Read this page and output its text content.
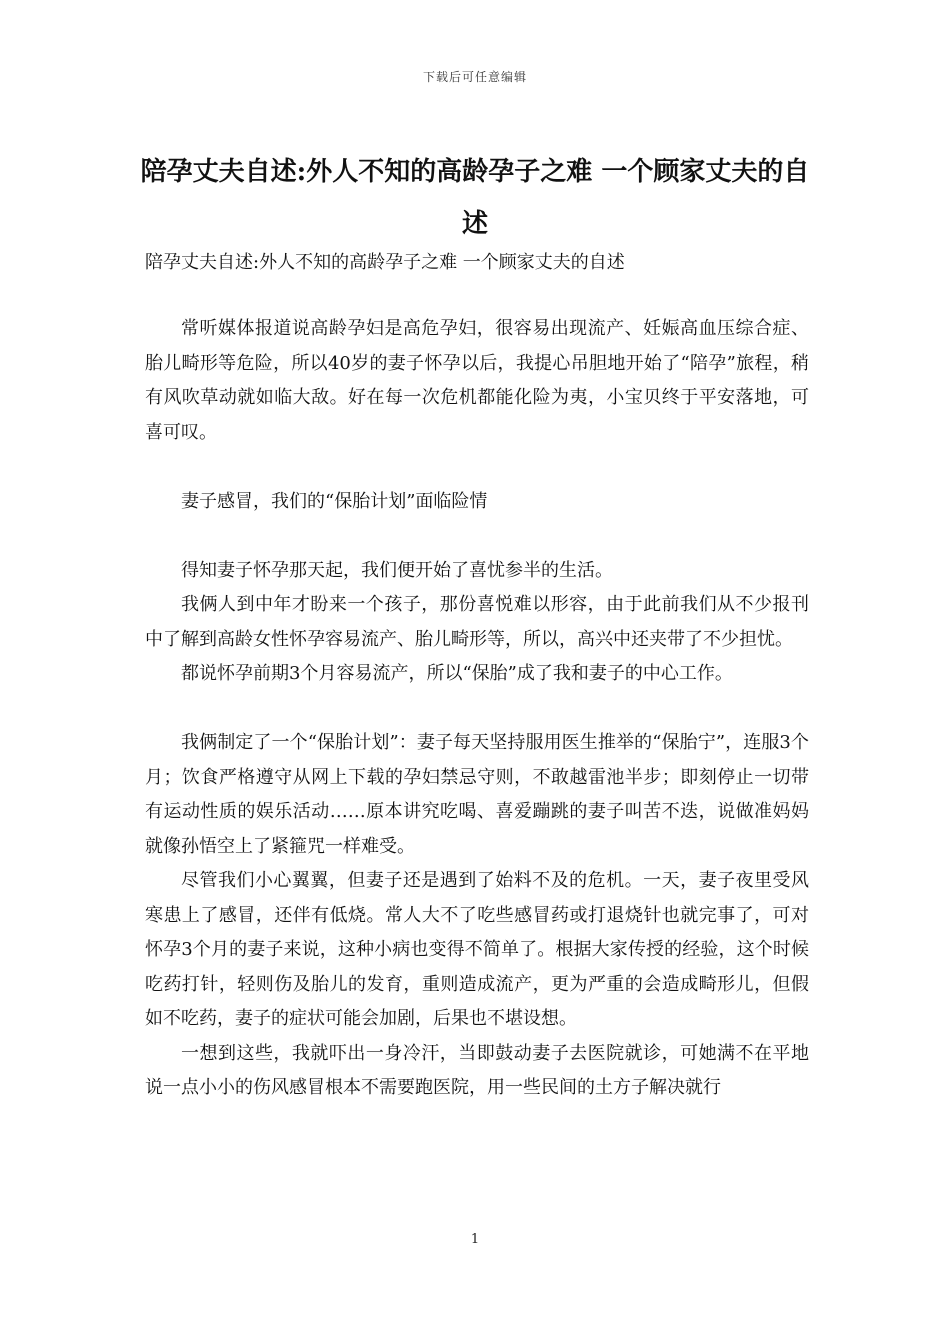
下载后可任意编辑
陪孕丈夫自述:外人不知的高龄孕子之难 一个顾家丈夫的自述

陪孕丈夫自述:外人不知的高龄孕子之难 一个顾家丈夫的自述

常听媒体报道说高龄孕妇是高危孕妇，很容易出现流产、妊娠高血压综合症、胎儿畸形等危险，所以40岁的妻子怀孕以后，我提心吊胆地开始了“陪孕”旅程，稍有风吹草动就如临大敌。好在每一次危机都能化险为夷，小宝贝终于平安落地，可喜可叹。

妻子感冒，我们的“保胎计划”面临险情

得知妻子怀孕那天起，我们便开始了喜忧参半的生活。

我俩人到中年才盼来一个孩子，那份喜悦难以形容，由于此前我们从不少报刊中了解到高龄女性怀孕容易流产、胎儿畸形等，所以，高兴中还夹带了不少担忧。

都说怀孕前期3个月容易流产，所以“保胎”成了我和妻子的中心工作。

我俩制定了一个“保胎计划”：妻子每天坚持服用医生推举的“保胎宁”，连服3个月；饮食严格遵守从网上下载的孕妇禁忌守则，不敢越雷池半步；即刻停止一切带有运动性质的娱乐活动……原本讲究吃喝、喜爱蹦跳的妻子叫苦不迭，说做准妈妈就像孙悟空上了紧箍咒一样难受。

尽管我们小心翼翼，但妻子还是遇到了始料不及的危机。一天，妻子夜里受风寒患上了感冒，还伴有低烧。常人大不了吃些感冒药或打退烧针也就完事了，可对怀孕3个月的妻子来说，这种小病也变得不简单了。根据大家传授的经验，这个时候吃药打针，轻则伤及胎儿的发育，重则造成流产，更为严重的会造成畸形儿，但假如不吃药，妻子的症状可能会加剧，后果也不堪设想。

一想到这些，我就吓出一身冷汗，当即鼓动妻子去医院就诊，可她满不在平地说一点小小的伤风感冒根本不需要跑医院，用一些民间的土方子解决就行

1
